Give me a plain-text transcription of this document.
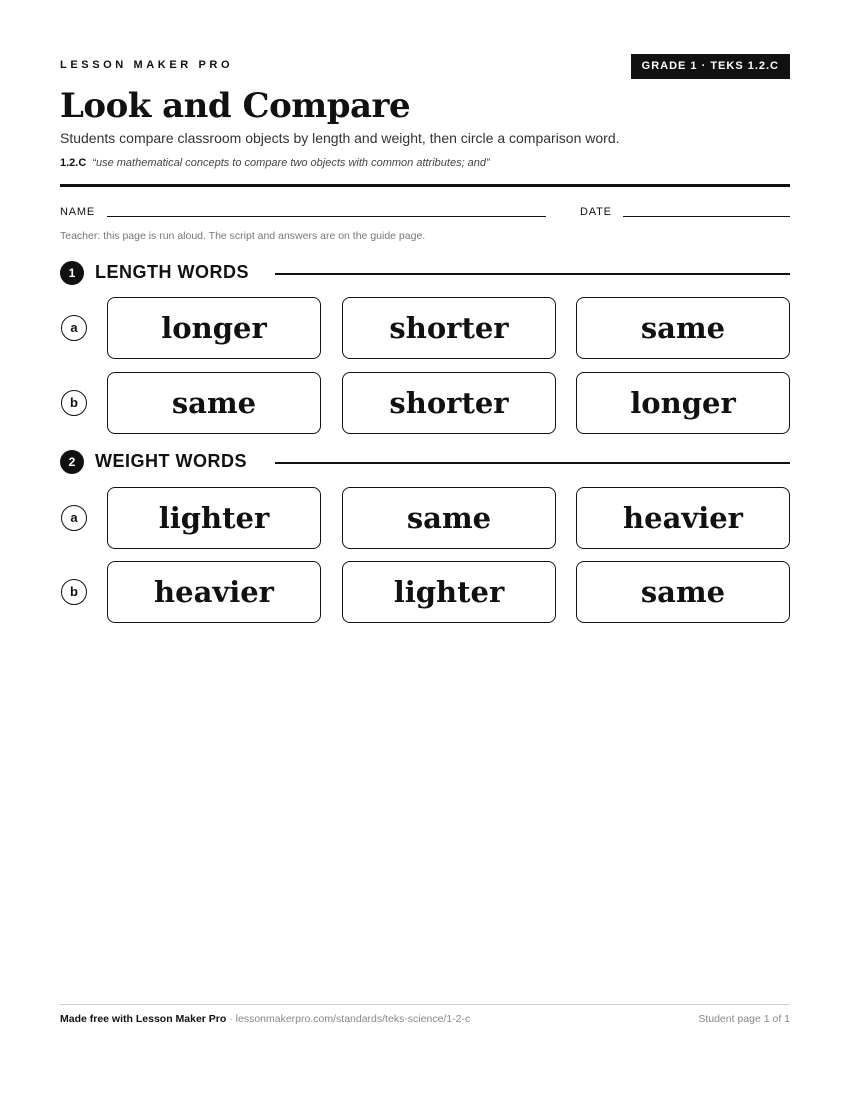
LESSON MAKER PRO	GRADE 1 · TEKS 1.2.C
Look and Compare
Students compare classroom objects by length and weight, then circle a comparison word.
1.2.C “use mathematical concepts to compare two objects with common attributes; and”
NAME	DATE
Teacher: this page is run aloud. The script and answers are on the guide page.
1	LENGTH WORDS
a	longer	shorter	same
b	same	shorter	longer
2	WEIGHT WORDS
a	lighter	same	heavier
b	heavier	lighter	same
Made free with Lesson Maker Pro · lessonmakerpro.com/standards/teks-science/1-2-c	Student page 1 of 1
